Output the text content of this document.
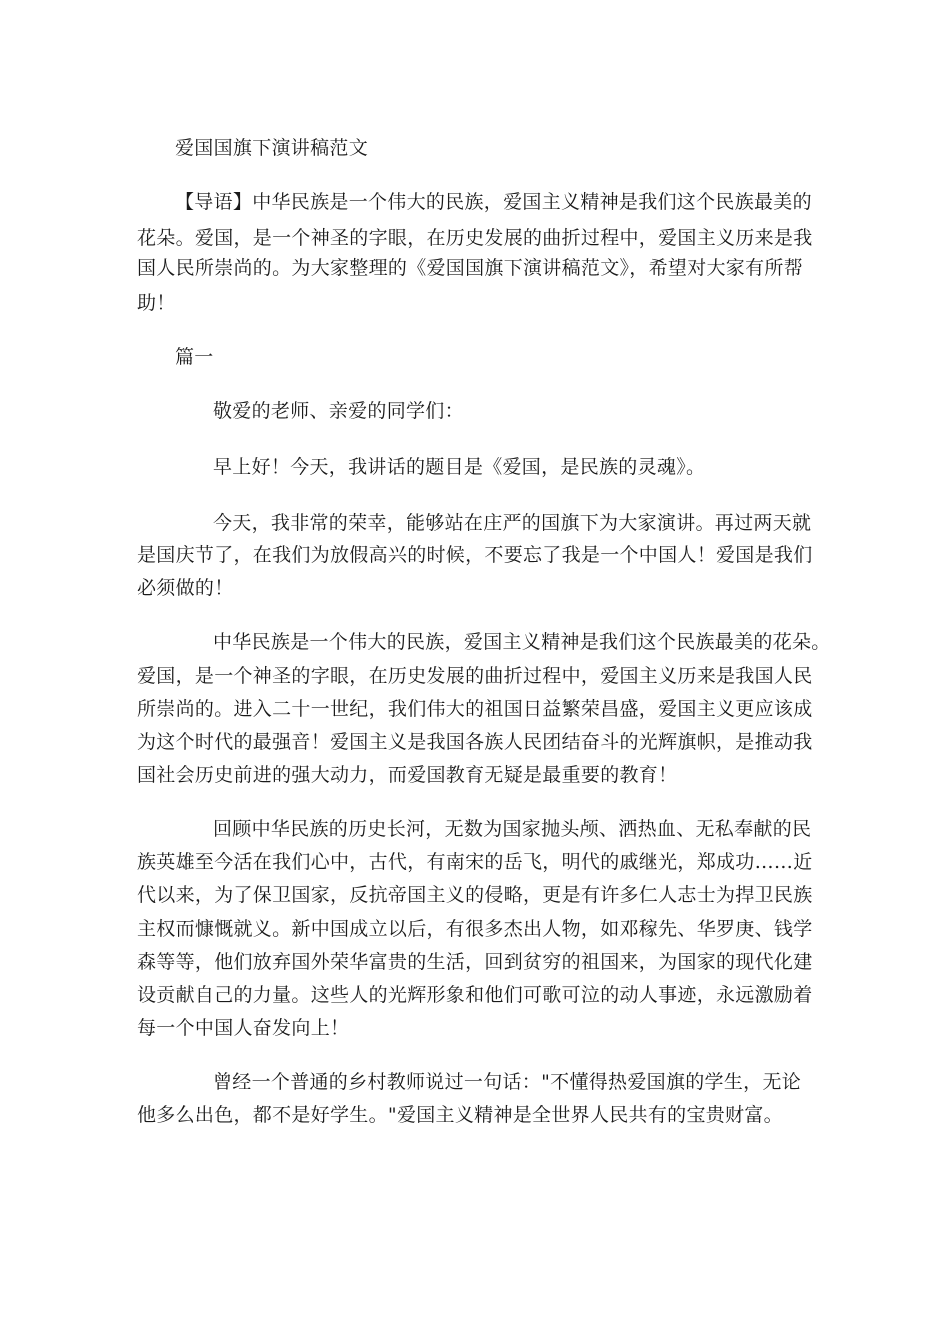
爱国国旗下演讲稿范文
【导语】中华民族是一个伟大的民族，爱国主义精神是我们这个民族最美的
花朵。爱国，是一个神圣的字眼，在历史发展的曲折过程中，爱国主义历来是我
国人民所崇尚的。为大家整理的《爱国国旗下演讲稿范文》，希望对大家有所帮
助！
篇一
敬爱的老师、亲爱的同学们：
早上好！今天，我讲话的题目是《爱国，是民族的灵魂》。
今天，我非常的荣幸，能够站在庄严的国旗下为大家演讲。再过两天就
是国庆节了，在我们为放假高兴的时候，不要忘了我是一个中国人！爱国是我们
必须做的！
中华民族是一个伟大的民族，爱国主义精神是我们这个民族最美的花朵。
爱国，是一个神圣的字眼，在历史发展的曲折过程中，爱国主义历来是我国人民
所崇尚的。进入二十一世纪，我们伟大的祖国日益繁荣昌盛，爱国主义更应该成
为这个时代的最强音！爱国主义是我国各族人民团结奋斗的光辉旗帜，是推动我
国社会历史前进的强大动力，而爱国教育无疑是最重要的教育！
回顾中华民族的历史长河，无数为国家抛头颅、洒热血、无私奉献的民
族英雄至今活在我们心中，古代，有南宋的岳飞，明代的戚继光，郑成功……近
代以来，为了保卫国家，反抗帝国主义的侵略，更是有许多仁人志士为捍卫民族
主权而慷慨就义。新中国成立以后，有很多杰出人物，如邓稼先、华罗庚、钱学
森等等，他们放弃国外荣华富贵的生活，回到贫穷的祖国来，为国家的现代化建
设贡献自己的力量。这些人的光辉形象和他们可歌可泣的动人事迹，永远激励着
每一个中国人奋发向上！
曾经一个普通的乡村教师说过一句话："不懂得热爱国旗的学生，无论
他多么出色，都不是好学生。"爱国主义精神是全世界人民共有的宝贵财富。
